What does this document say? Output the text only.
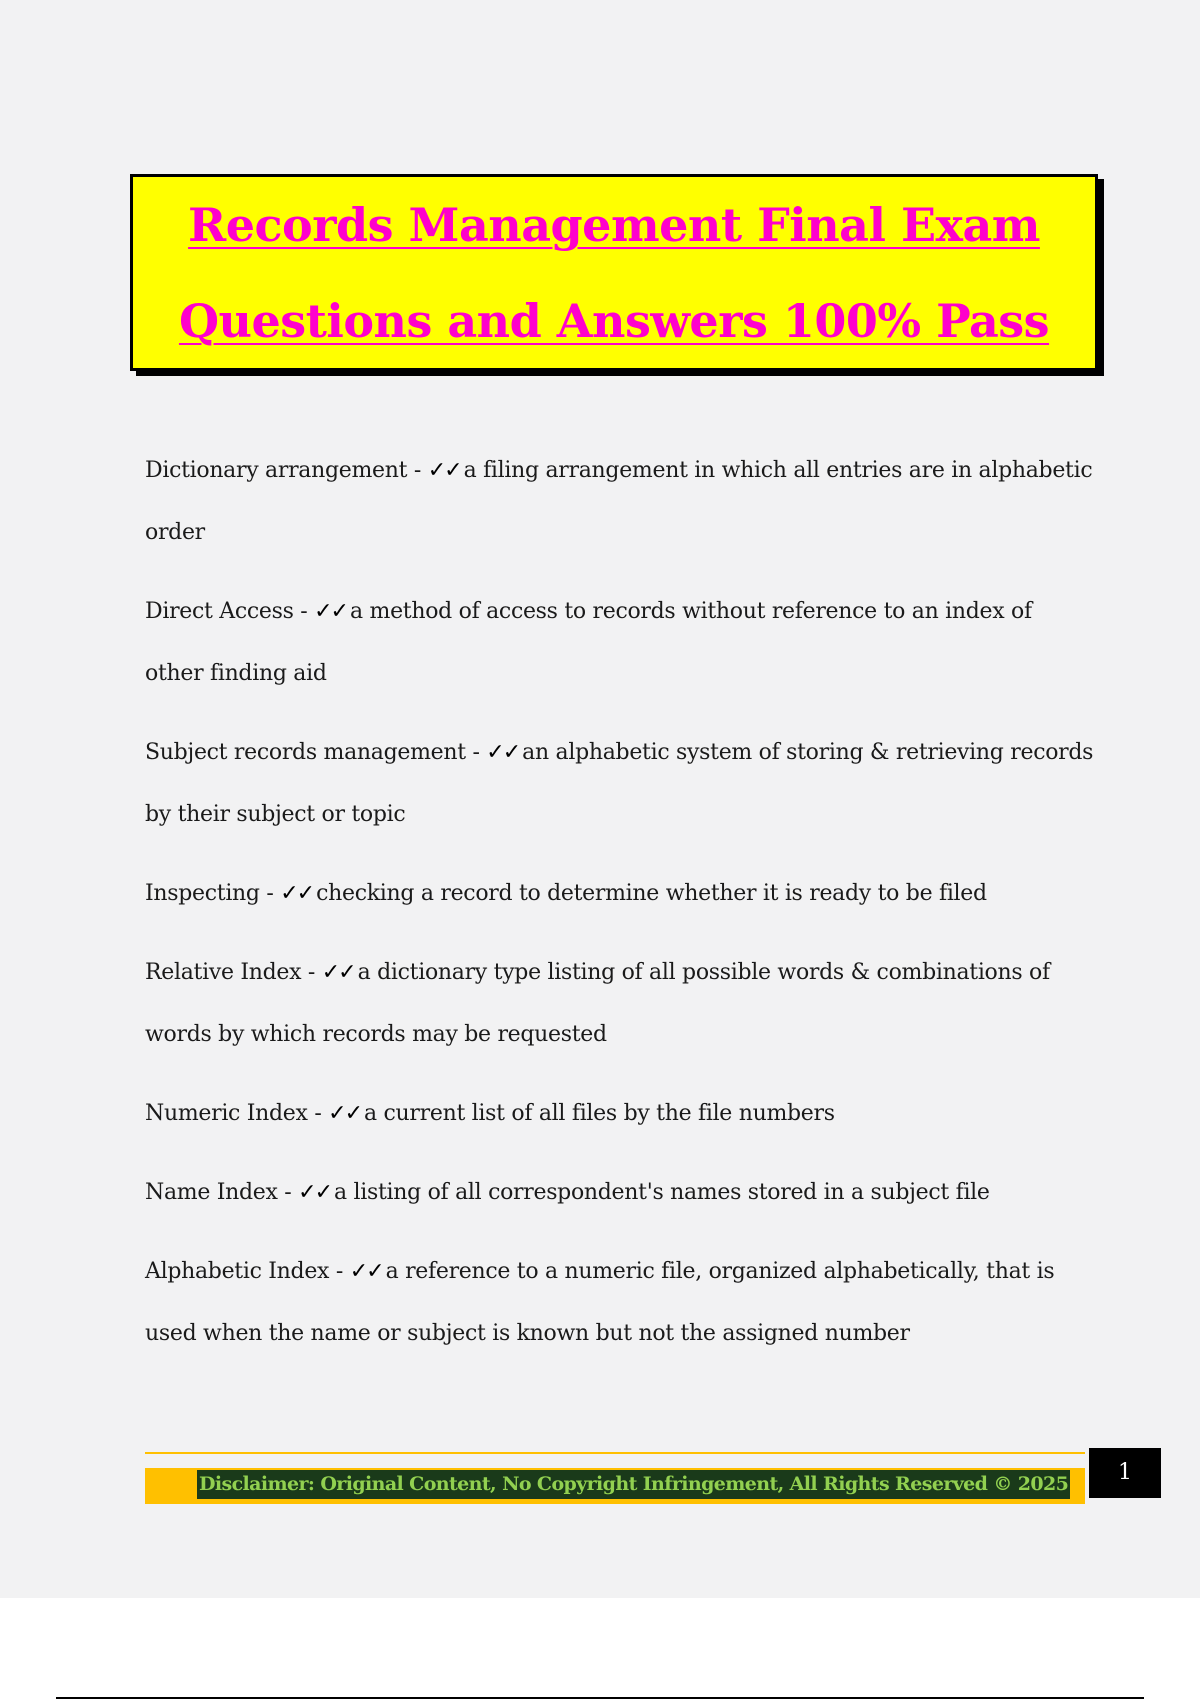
Records Management Final Exam
Questions and Answers 100% Pass

Dictionary arrangement - ✓✓ a filing arrangement in which all entries are in alphabetic order

Direct Access - ✓✓ a method of access to records without reference to an index of other finding aid

Subject records management - ✓✓ an alphabetic system of storing & retrieving records by their subject or topic

Inspecting - ✓✓ checking a record to determine whether it is ready to be filed

Relative Index - ✓✓ a dictionary type listing of all possible words & combinations of words by which records may be requested

Numeric Index - ✓✓ a current list of all files by the file numbers

Name Index - ✓✓ a listing of all correspondent's names stored in a subject file

Alphabetic Index - ✓✓ a reference to a numeric file, organized alphabetically, that is used when the name or subject is known but not the assigned number

Disclaimer: Original Content, No Copyright Infringement, All Rights Reserved © 2025	1
